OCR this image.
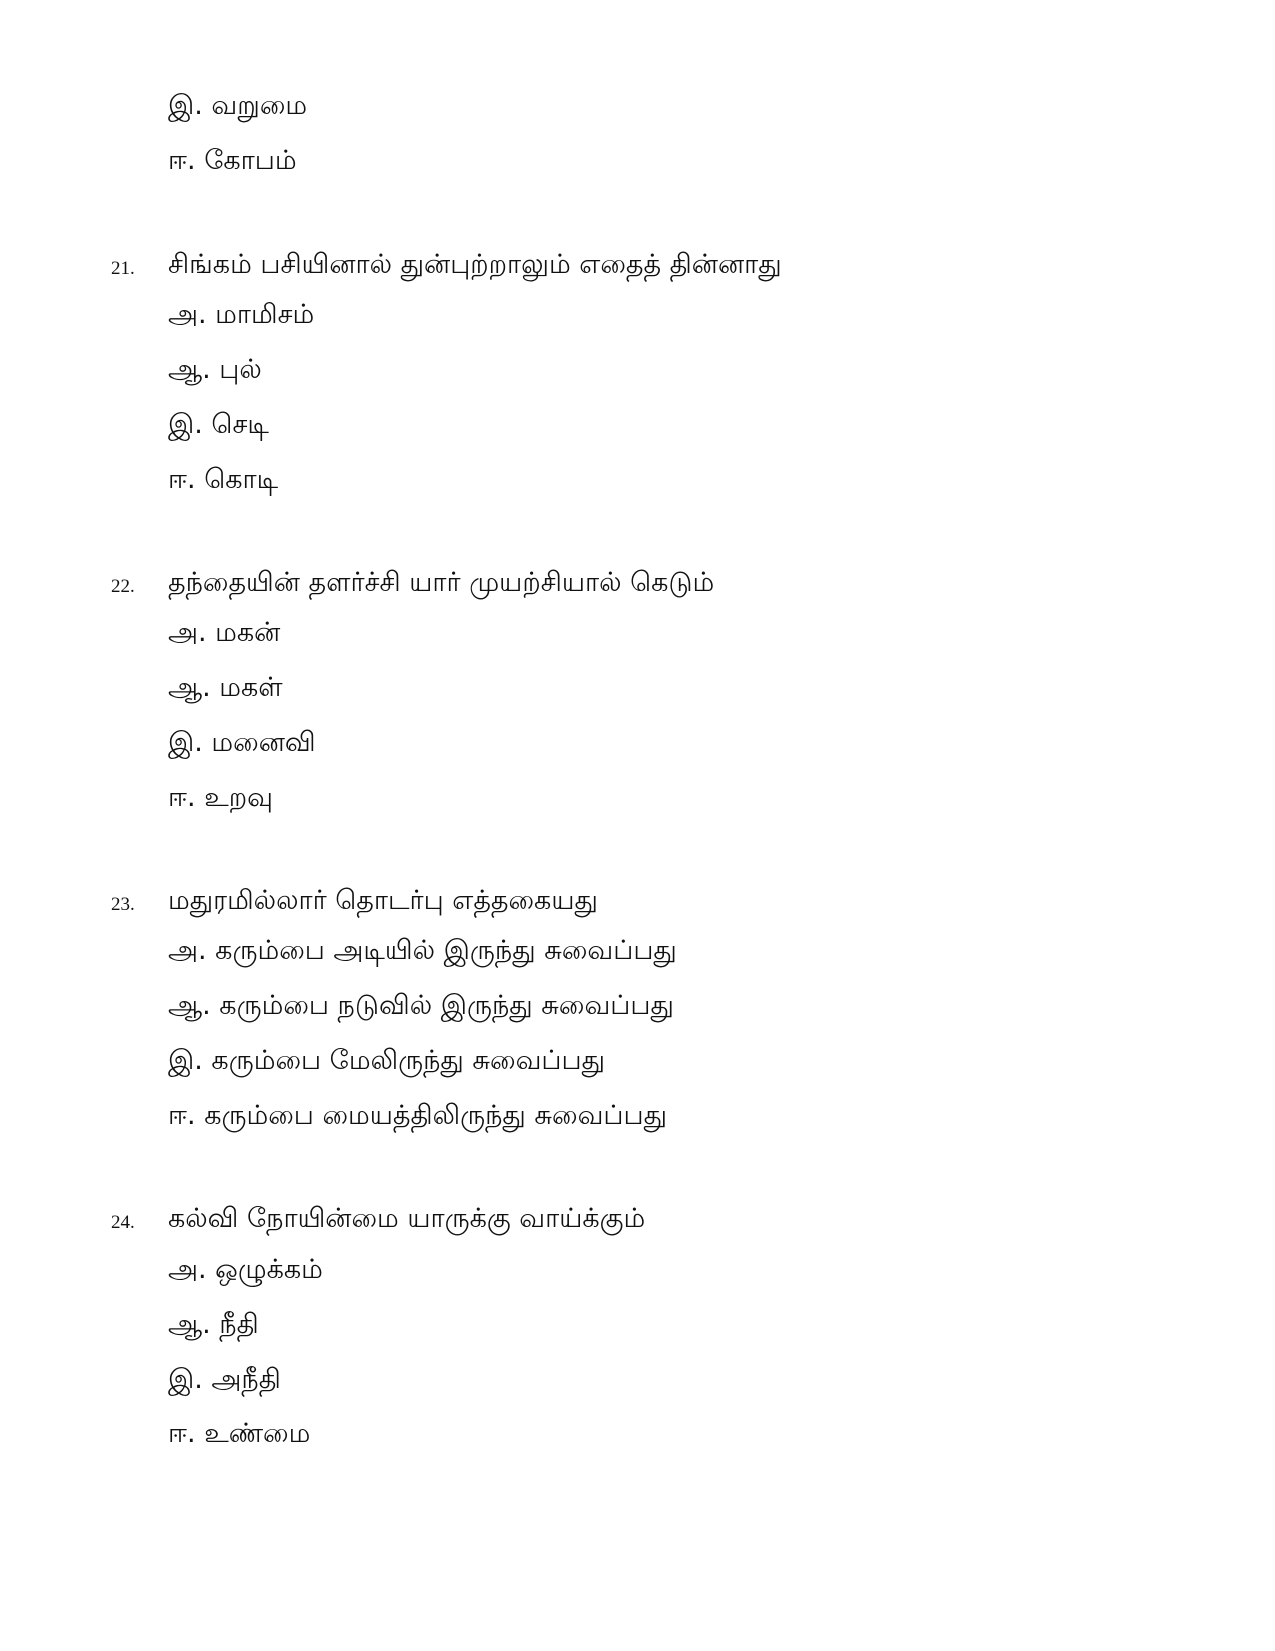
இ. வறுமை
ஈ. கோபம்
21. சிங்கம் பசியினால் துன்புற்றாலும் எதைத் தின்னாது
அ. மாமிசம்
ஆ. புல்
இ. செடி
ஈ. கொடி
22. தந்தையின் தளர்ச்சி யார் முயற்சியால் கெடும்
அ. மகன்
ஆ. மகள்
இ. மனைவி
ஈ. உறவு
23. மதுரமில்லார் தொடர்பு எத்தகையது
அ. கரும்பை அடியில் இருந்து சுவைப்பது
ஆ. கரும்பை நடுவில் இருந்து சுவைப்பது
இ. கரும்பை மேலிருந்து சுவைப்பது
ஈ. கரும்பை மையத்திலிருந்து சுவைப்பது
24. கல்வி நோயின்மை யாருக்கு வாய்க்கும்
அ. ஒழுக்கம்
ஆ. நீதி
இ. அநீதி
ஈ. உண்மை
